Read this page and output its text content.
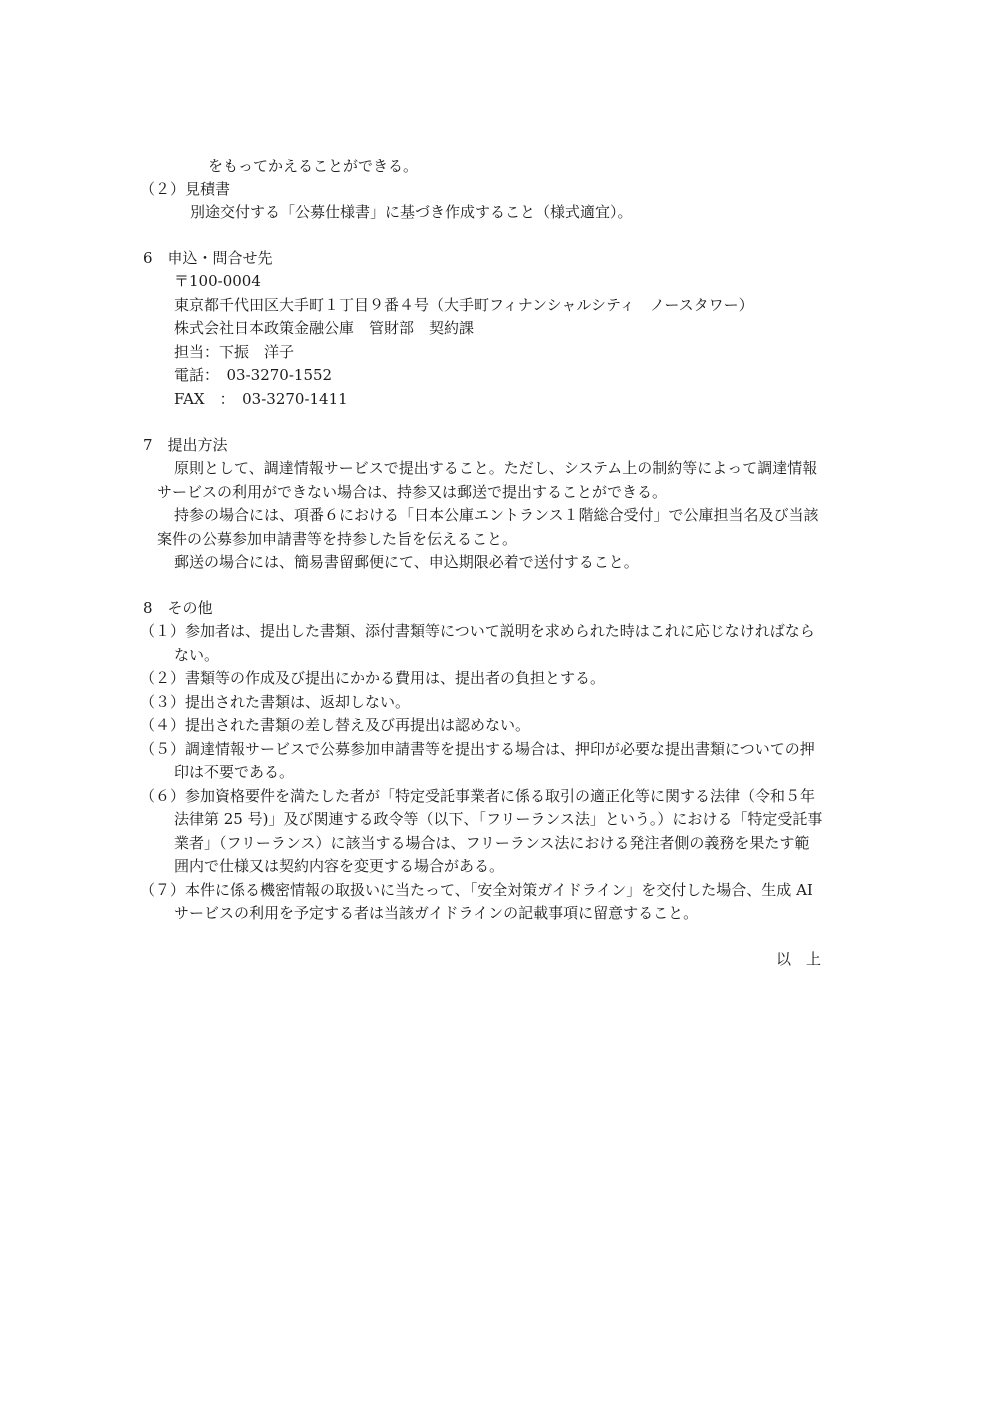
をもってかえることができる。
（２）見積書
別途交付する「公募仕様書」に基づき作成すること（様式適宜）。
6　申込・問合せ先
〒100-0004
東京都千代田区大手町１丁目９番４号（大手町フィナンシャルシティ　ノースタワー）
株式会社日本政策金融公庫　管財部　契約課
担当：下振　洋子
電話：　03-3270-1552
FAX　：　03-3270-1411
7　提出方法
原則として、調達情報サービスで提出すること。ただし、システム上の制約等によって調達情報
サービスの利用ができない場合は、持参又は郵送で提出することができる。
持参の場合には、項番６における「日本公庫エントランス１階総合受付」で公庫担当名及び当該
案件の公募参加申請書等を持参した旨を伝えること。
郵送の場合には、簡易書留郵便にて、申込期限必着で送付すること。
8　その他
（１）参加者は、提出した書類、添付書類等について説明を求められた時はこれに応じなければなら
ない。
（２）書類等の作成及び提出にかかる費用は、提出者の負担とする。
（３）提出された書類は、返却しない。
（４）提出された書類の差し替え及び再提出は認めない。
（５）調達情報サービスで公募参加申請書等を提出する場合は、押印が必要な提出書類についての押
印は不要である。
（６）参加資格要件を満たした者が「特定受託事業者に係る取引の適正化等に関する法律（令和５年
法律第 25 号)」及び関連する政令等（以下、「フリーランス法」という。）における「特定受託事
業者」（フリーランス）に該当する場合は、フリーランス法における発注者側の義務を果たす範
囲内で仕様又は契約内容を変更する場合がある。
（７）本件に係る機密情報の取扱いに当たって、「安全対策ガイドライン」を交付した場合、生成 AI
サービスの利用を予定する者は当該ガイドラインの記載事項に留意すること。
以　上
